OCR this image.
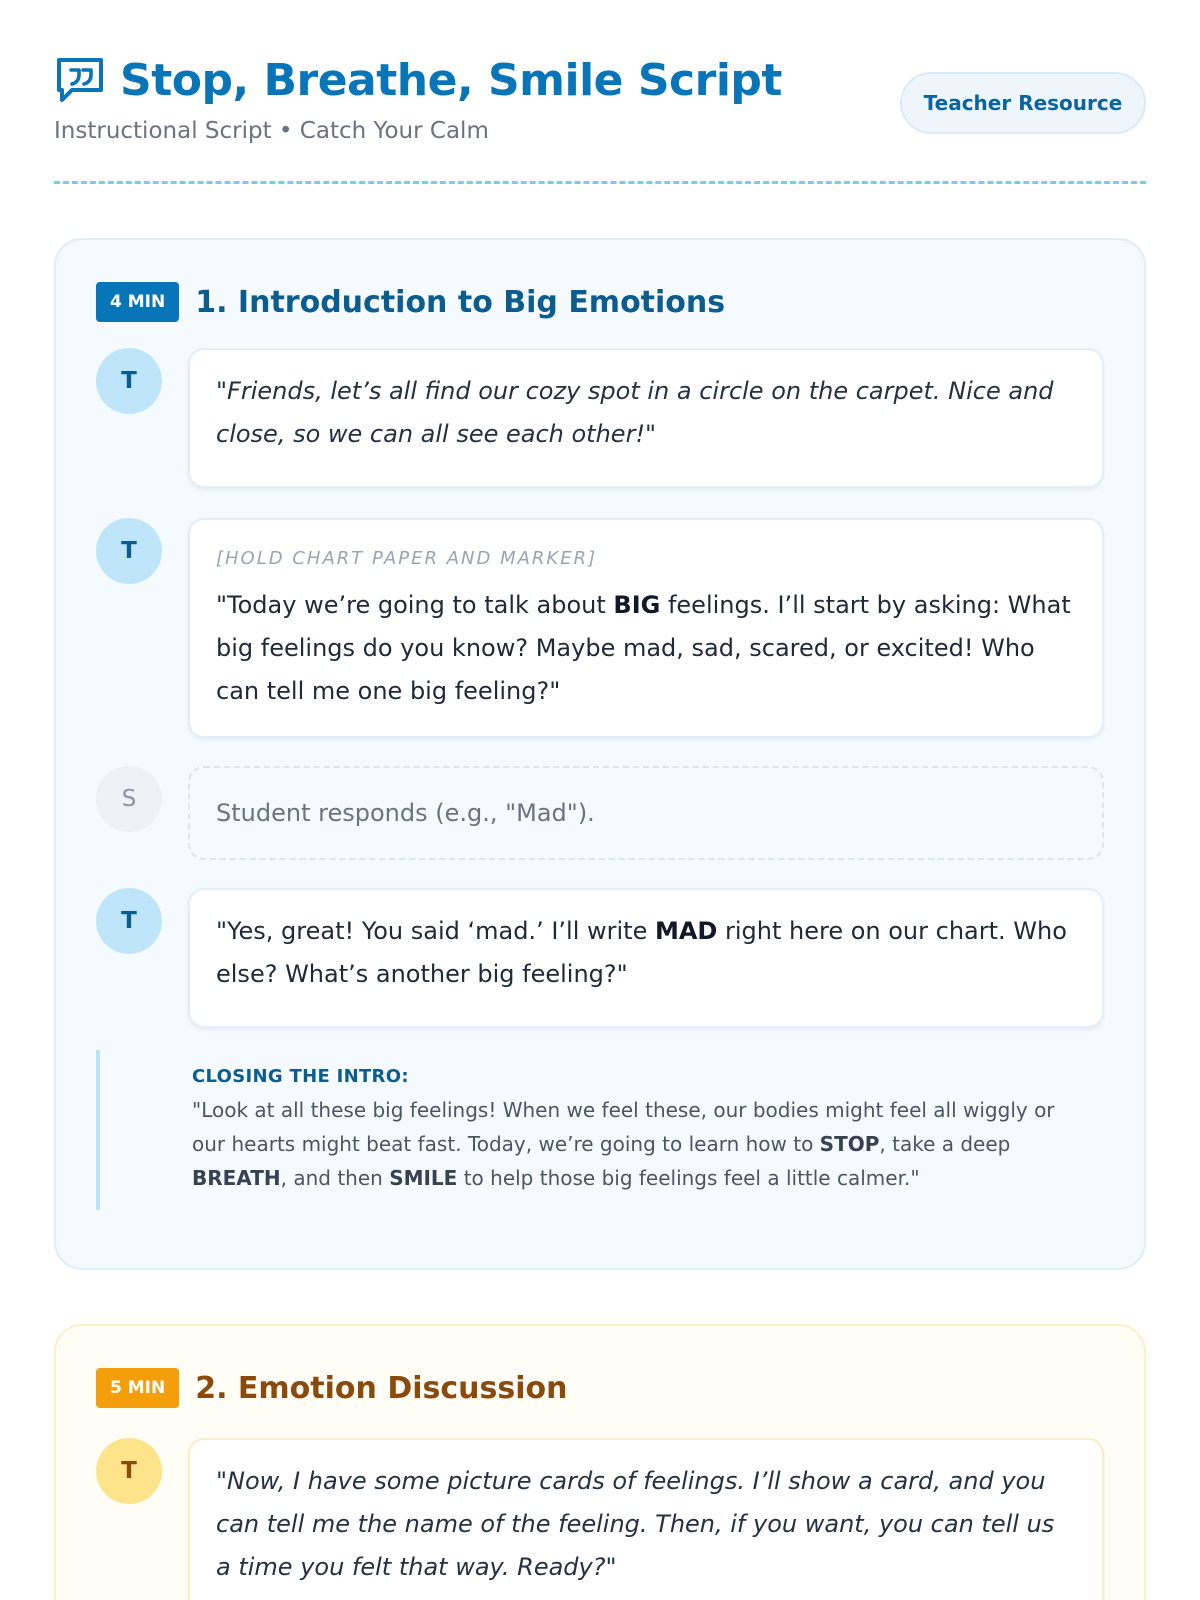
Stop, Breathe, Smile Script
Instructional Script • Catch Your Calm
Teacher Resource
4 MIN	1. Introduction to Big Emotions
T	"Friends, let’s all find our cozy spot in a circle on the carpet. Nice and close, so we can all see each other!"
T	[HOLD CHART PAPER AND MARKER]
"Today we’re going to talk about BIG feelings. I’ll start by asking: What big feelings do you know? Maybe mad, sad, scared, or excited! Who can tell me one big feeling?"
S	Student responds (e.g., "Mad").
T	"Yes, great! You said ‘mad.’ I’ll write MAD right here on our chart. Who else? What’s another big feeling?"
CLOSING THE INTRO:
"Look at all these big feelings! When we feel these, our bodies might feel all wiggly or our hearts might beat fast. Today, we’re going to learn how to STOP, take a deep BREATH, and then SMILE to help those big feelings feel a little calmer."
5 MIN	2. Emotion Discussion
T	"Now, I have some picture cards of feelings. I’ll show a card, and you can tell me the name of the feeling. Then, if you want, you can tell us a time you felt that way. Ready?"
